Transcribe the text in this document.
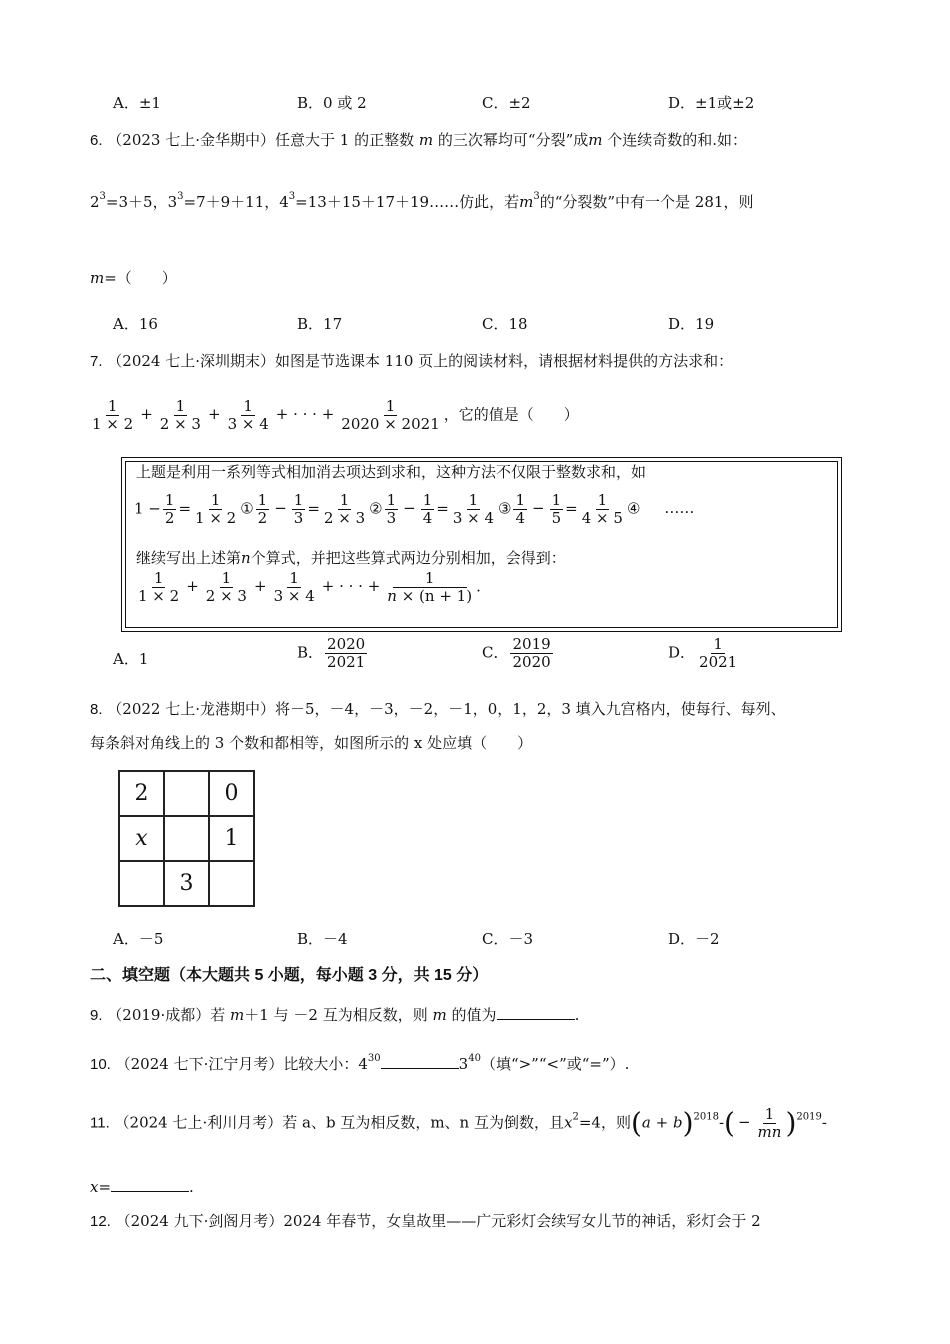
A．±1	B．0 或 2	C．±2	D．±1或±2
6. （2023 七上·金华期中）任意大于 1 的正整数 m 的三次幂均可“分裂”成m 个连续奇数的和.如：
$2^3=3+5$，$3^3=7+9+11$，$4^3=13+15+17+19\dots\dots$仿此，若$m^3$的“分裂数”中有一个是 281，则
m=（　　）
A．16	B．17	C．18	D．19
7. （2024 七上·深圳期末）如图是节选课本 110 页上的阅读材料，请根据材料提供的方法求和：
$\frac{1}{1 \times 2} + \frac{1}{2 \times 3} + \frac{1}{3 \times 4}$ + · · · + $\frac{1}{2020 \times 2021}$ ，它的值是（　　）
上题是利用一系列等式相加消去项达到求和，这种方法不仅限于整数求和，如
$1 - \frac{1}{2} = \frac{1}{1 \times 2}$ ① $\frac{1}{2} - \frac{1}{3} = \frac{1}{2 \times 3}$ ② $\frac{1}{3} - \frac{1}{4} = \frac{1}{3 \times 4}$ ③ $\frac{1}{4} - \frac{1}{5} = \frac{1}{4 \times 5}$ ④ ……
继续写出上述第n个算式，并把这些算式两边分别相加，会得到：
$\frac{1}{1 \times 2} + \frac{1}{2 \times 3} + \frac{1}{3 \times 4}$ + · · · + $\frac{1}{n \times (n + 1)}$ .
A．1	B． $\frac{2020}{2021}$	C． $\frac{2019}{2020}$	D． $\frac{1}{2021}$
8. （2022 七上·龙港期中）将－5，－4，－3，－2，－1，0，1，2，3 填入九宫格内，使每行、每列、
每条斜对角线上的 3 个数和都相等，如图所示的 x 处应填（　　）
2		0
x		1
	3	
A．－5	B．－4	C．－3	D．－2
二、填空题（本大题共 5 小题，每小题 3 分，共 15 分）
9. （2019·成都）若 m＋1 与 －2 互为相反数，则 m 的值为	.
10. （2024 七下·江宁月考）比较大小：$4^{30}$	$3^{40}$（填“>”“<”或“=”）.
11. （2024 七上·利川月考）若 a、b 互为相反数，m、n 互为倒数，且$x^2=4$，则$(a + b)^{2018}-( - \frac{1}{mn} )^{2019}-$
x=	.
12. （2024 九下·剑阁月考）2024 年春节，女皇故里——广元彩灯会续写女儿节的神话，彩灯会于 2
